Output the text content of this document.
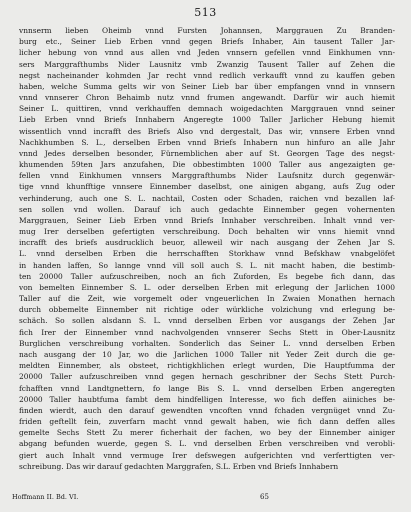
513
vnnserm lieben Oheimb vnnd Fursten Johannsen, Marggrauen Zu Branden-
burg etc., Seiner Lieb Erben vnnd gegen Briefs Inhaber, Ain tausent Taller Jar-
licher hebung von vnnd aus allen vnd Jeden vnnsern gefellen vnnd Einkhumen vnn-
sers Marggrafthumbs Nider Lausnitz vmb Zwanzig Tausent Taller auf Zehen die
negst nacheinander kohmden Jar recht vnnd redlich verkaufft vnnd zu kauffen geben
haben, welche Summa gelts wir von Seiner Lieb bar über empfangen vnnd in vnnsern
vnnd vnnserer Chron Behaimb nutz vnnd frumen angewandt. Darfür wir auch hiemit
Seiner L. quittiren, vnnd verkhauffen demnach woigedachten Marggrauen vnnd seiner
Lieb Erben vnnd Briefs Innhabern Angeregte 1000 Taller Jarlicher Hebung hiemit
wissentlich vnnd incrafft des Briefs Also vnd dergestalt, Das wir, vnnsere Erben vnnd
Nachkhumben S. L., derselben Erben vnnd Briefs Inhabern nun hinfuro an alle Jahr
vnnd Jedes derselben besonder, Fürnemblichen aber auf St. Georgen Tage des negst-
khumenden 59ten Jars anzufahen, Die obbestimbten 1000 Taller aus angezaigten ge-
fellen vnnd Einkhumen vnnsers Marggrafthumbs Nider Laufsnitz durch gegenwär-
tige vnnd khunfftige vnnsere Einnember daselbst, one ainigen abgang, aufs Zug oder
verhinderung, auch one S. L. nachtail, Costen oder Schaden, raichen vnd bezallen laf-
sen sollen vnd wollen. Darauf ich auch gedachte Einnember gegen vohernenten
Marggrauen, Seiner Lieb Erben vnnd Briefs Innhaber verschreiben. Inhalt vnnd ver-
mug Irer derselben gefertigten verschreibung. Doch behalten wir vnns hiemit vnnd
incrafft des briefs ausdrucklich beuor, alleweil wir nach ausgang der Zehen Jar S.
L. vnnd derselben Erben die herrschafften Storkhaw vnnd Befskhaw vnabgelöfet
in handen laffen, So lannge vnnd vill soll auch S. L. nit macht haben, die bestimb-
ten 20000 Taller aufzuschreiben, noch an fich Zuforden, Es begebe fich dann, das
von bemelten Einnember S. L. oder derselben Erben mit erlegung der Jarlichen 1000
Taller auf die Zeit, wie vorgemelt oder vngeuerlichen In Zwaien Monathen hernach
durch obbemelte Einnember nit richtige oder würkliche volzichung vnd erlegung be-
schäch. So sollen alsdann S. L. vnnd derselben Erben vor ausgangs der Zehen Jar
fich Irer der Einnember vnnd nachvolgenden vnnserer Sechs Stett in Ober-Lausnitz
Burglichen verschreibung vorhalten. Sonderlich das Seiner L. vnnd derselben Erben
nach ausgang der 10 Jar, wo die Jarlichen 1000 Taller nit Yeder Zeit durch die ge-
meldten Einnember, als obsteet, richtigkhlichen erlegt wurden, Die Hauptfumma der
20000 Taller aufzuschreiben vnnd gegen hernach geschribner der Sechs Stett Purch-
fchafften vnnd Landtgnettern, fo lange Bis S. L. vnnd derselben Erben angeregten
20000 Taller haubtfuma fambt dem hindfelligen Interesse, wo fich deffen aiiniches be-
finden wierdt, auch den darauf gewendten vncoften vnnd fchaden vergnüget vnnd Zu-
friden geftellt fein, zuverfarn macht vnnd gewalt haben, wie fich dann deffen alles
gemelte Sechs Stett Zu merer ficherhait der fachen, wo bey der Einnember ainiger
abgang befunden wuerde, gegen S. L. vnd derselben Erben verschreiben vnd verobli-
giert auch Inhalt vnnd vermuge Irer defswegen aufgerichten vnd verferttigten ver-
schreibung. Das wir darauf gedachten Marggrafen, S.L. Erben vnd Briefs Innhabern
Hoffmann II. Bd. VI.	65
